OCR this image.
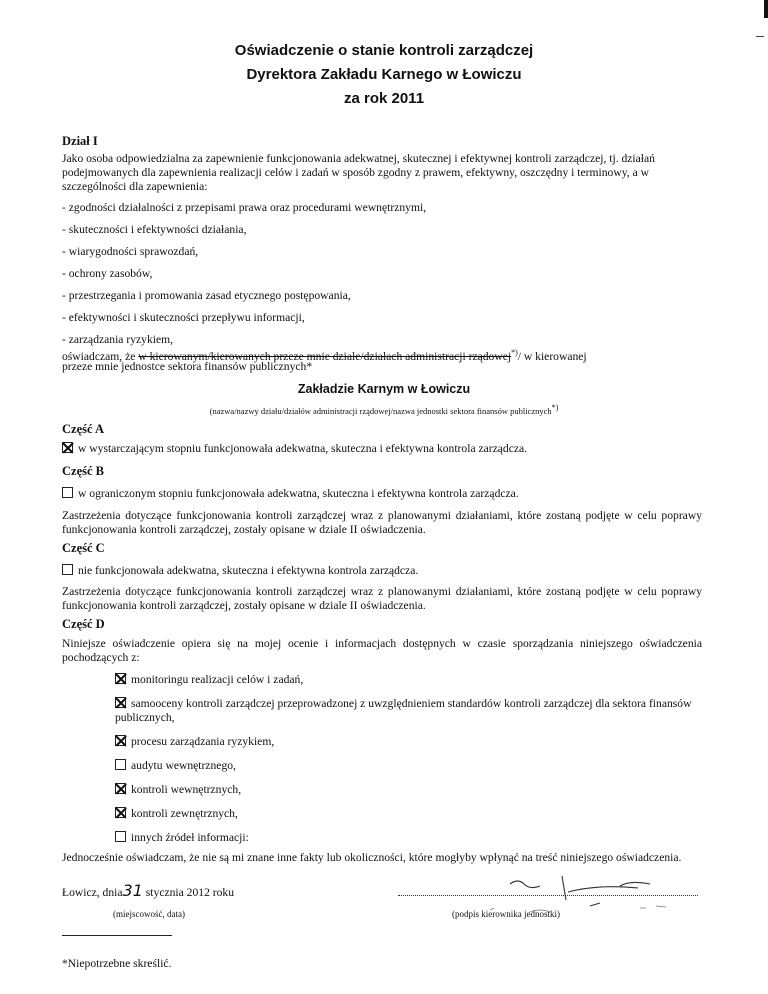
Oświadczenie o stanie kontroli zarządczej
Dyrektora Zakładu Karnego w Łowiczu
za rok 2011
Dział I
Jako osoba odpowiedzialna za zapewnienie funkcjonowania adekwatnej, skutecznej i efektywnej kontroli zarządczej, tj. działań podejmowanych dla zapewnienia realizacji celów i zadań w sposób zgodny z prawem, efektywny, oszczędny i terminowy, a w szczególności dla zapewnienia:
- zgodności działalności z przepisami prawa oraz procedurami wewnętrznymi,
- skuteczności i efektywności działania,
- wiarygodności sprawozdań,
- ochrony zasobów,
- przestrzegania i promowania zasad etycznego postępowania,
- efektywności i skuteczności przepływu informacji,
- zarządzania ryzykiem,
oświadczam, że w kierowanym/kierowanych przeze mnie dziale/działach administracji rządowej*)/ w kierowanej
przeze mnie jednostce sektora finansów publicznych*
Zakładzie Karnym w Łowiczu
(nazwa/nazwy działu/działów administracji rządowej/nazwa jednostki sektora finansów publicznych*)
Część A
w wystarczającym stopniu funkcjonowała adekwatna, skuteczna i efektywna kontrola zarządcza.
Część B
w ograniczonym stopniu funkcjonowała adekwatna, skuteczna i efektywna kontrola zarządcza.
Zastrzeżenia dotyczące funkcjonowania kontroli zarządczej wraz z planowanymi działaniami, które zostaną podjęte w celu poprawy funkcjonowania kontroli zarządczej, zostały opisane w dziale II oświadczenia.
Część C
nie funkcjonowała adekwatna, skuteczna i efektywna kontrola zarządcza.
Zastrzeżenia dotyczące funkcjonowania kontroli zarządczej wraz z planowanymi działaniami, które zostaną podjęte w celu poprawy funkcjonowania kontroli zarządczej, zostały opisane w dziale II oświadczenia.
Część D
Niniejsze oświadczenie opiera się na mojej ocenie i informacjach dostępnych w czasie sporządzania niniejszego oświadczenia pochodzących z:
monitoringu realizacji celów i zadań,
samooceny kontroli zarządczej przeprowadzonej z uwzględnieniem standardów kontroli zarządczej dla sektora finansów publicznych,
procesu zarządzania ryzykiem,
audytu wewnętrznego,
kontroli wewnętrznych,
kontroli zewnętrznych,
innych źródeł informacji:
Jednocześnie oświadczam, że nie są mi znane inne fakty lub okoliczności, które mogłyby wpłynąć na treść niniejszego oświadczenia.
Łowicz, dnia31 stycznia 2012 roku
(miejscowość, data)	(podpis kierownika jednostki)
*Niepotrzebne skreślić.
